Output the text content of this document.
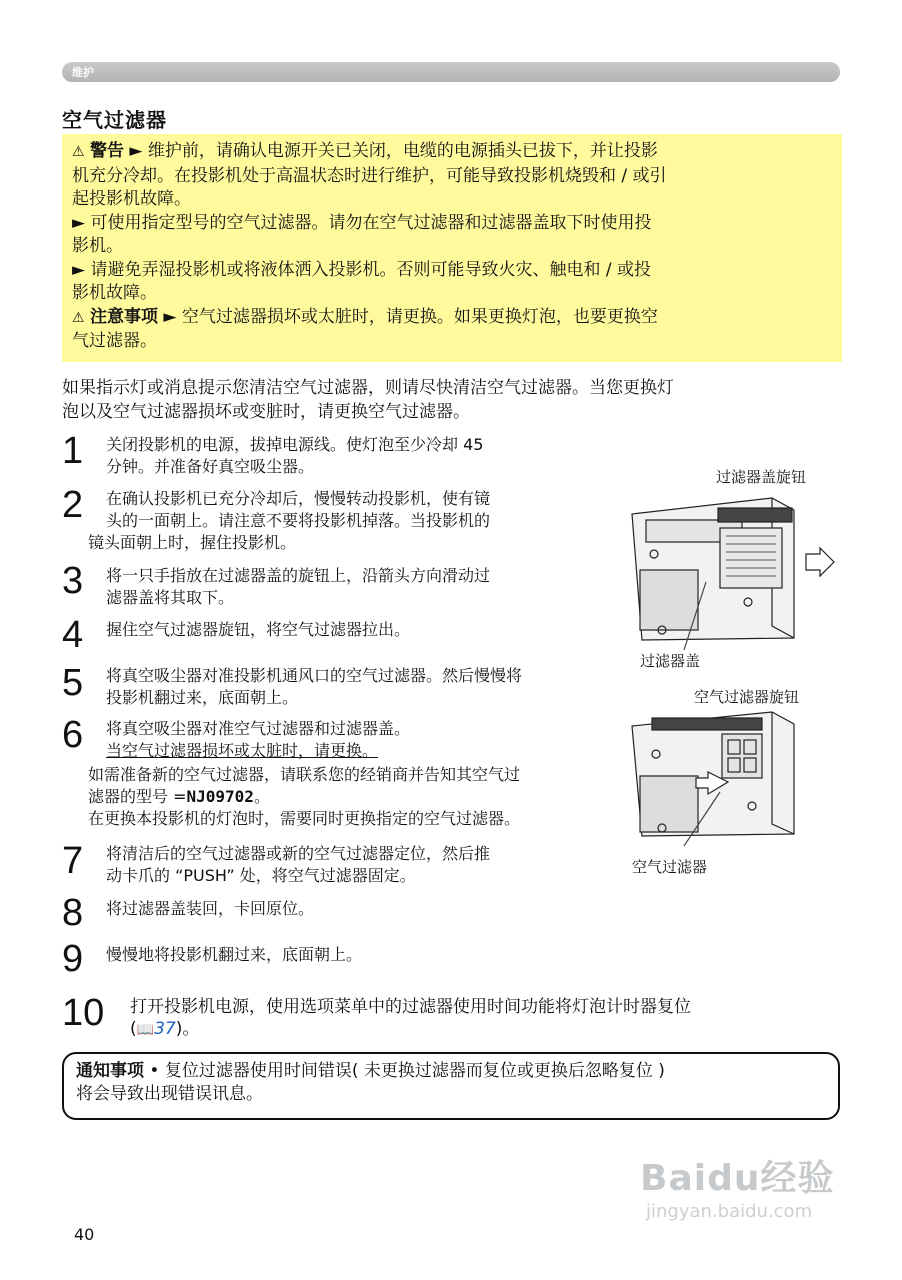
维护
空气过滤器

⚠ 警告 ► 维护前，请确认电源开关已关闭，电缆的电源插头已拔下，并让投影

机充分冷却。在投影机处于高温状态时进行维护，可能导致投影机烧毁和 / 或引

起投影机故障。

► 可使用指定型号的空气过滤器。请勿在空气过滤器和过滤器盖取下时使用投

影机。

► 请避免弄湿投影机或将液体洒入投影机。否则可能导致火灾、触电和 / 或投

影机故障。

⚠ 注意事项 ► 空气过滤器损坏或太脏时，请更换。如果更换灯泡，也要更换空

气过滤器。

如果指示灯或消息提示您清洁空气过滤器，则请尽快清洁空气过滤器。当您更换灯
泡以及空气过滤器损坏或变脏时，请更换空气过滤器。
1 关闭投影机的电源，拔掉电源线。使灯泡至少冷却 45
分钟。并准备好真空吸尘器。
2 在确认投影机已充分冷却后，慢慢转动投影机，使有镜
头的一面朝上。请注意不要将投影机掉落。当投影机的
镜头面朝上时，握住投影机。
3 将一只手指放在过滤器盖的旋钮上，沿箭头方向滑动过
滤器盖将其取下。
4 握住空气过滤器旋钮，将空气过滤器拉出。
5 将真空吸尘器对准投影机通风口的空气过滤器。然后慢慢将
投影机翻过来，底面朝上。
6 将真空吸尘器对准空气过滤器和过滤器盖。
当空气过滤器损坏或太脏时，请更换。
如需准备新的空气过滤器，请联系您的经销商并告知其空气过
滤器的型号 =NJ09702。
在更换本投影机的灯泡时，需要同时更换指定的空气过滤器。
7 将清洁后的空气过滤器或新的空气过滤器定位，然后推
动卡爪的 “PUSH” 处，将空气过滤器固定。
8 将过滤器盖装回，卡回原位。
9 慢慢地将投影机翻过来，底面朝上。
10 打开投影机电源，使用选项菜单中的过滤器使用时间功能将灯泡计时器复位
(📖37)。
过滤器盖旋钮
过滤器盖
空气过滤器旋钮
空气过滤器
通知事项 • 复位过滤器使用时间错误( 未更换过滤器而复位或更换后忽略复位 )
将会导致出现错误讯息。
Baidu经验
jingyan.baidu.com
40
